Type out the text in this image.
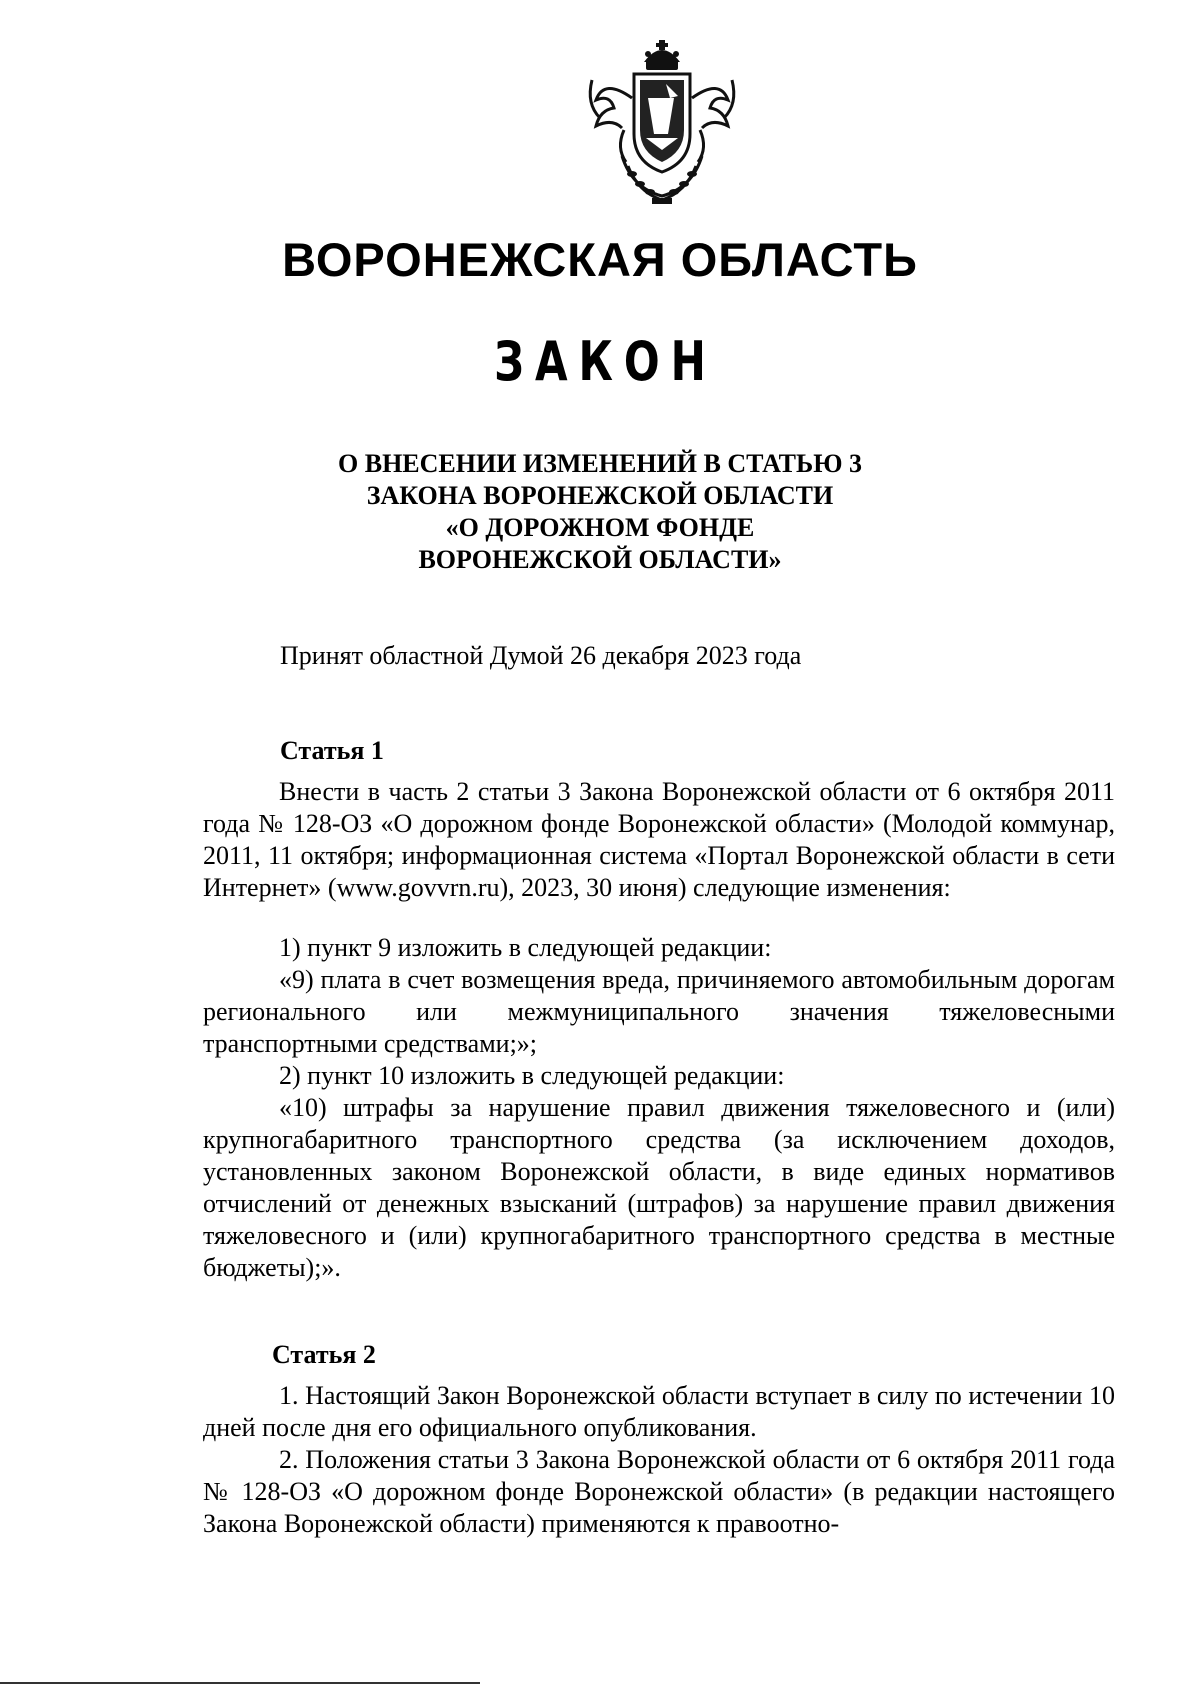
ВОРОНЕЖСКАЯ ОБЛАСТЬ
ЗАКОН
О ВНЕСЕНИИ ИЗМЕНЕНИЙ В СТАТЬЮ 3
ЗАКОНА ВОРОНЕЖСКОЙ ОБЛАСТИ
«О ДОРОЖНОМ ФОНДЕ
ВОРОНЕЖСКОЙ ОБЛАСТИ»
Принят областной Думой 26 декабря 2023 года
Статья 1

Внести в часть 2 статьи 3 Закона Воронежской области от 6 октября 2011 года № 128-ОЗ «О дорожном фонде Воронежской области» (Молодой коммунар, 2011, 11 октября; информационная система «Портал Воронежской области в сети Интернет» (www.govvrn.ru), 2023, 30 июня) следующие изменения:

1) пункт 9 изложить в следующей редакции:

«9) плата в счет возмещения вреда, причиняемого автомобильным дорогам регионального или межмуниципального значения тяжеловесными транспортными средствами;»;

2) пункт 10 изложить в следующей редакции:

«10) штрафы за нарушение правил движения тяжеловесного и (или) крупногабаритного транспортного средства (за исключением доходов, установленных законом Воронежской области, в виде единых нормативов отчислений от денежных взысканий (штрафов) за нарушение правил движения тяжеловесного и (или) крупногабаритного транспортного средства в местные бюджеты);».

Статья 2

1. Настоящий Закон Воронежской области вступает в силу по истечении 10 дней после дня его официального опубликования.

2. Положения статьи 3 Закона Воронежской области от 6 октября 2011 года № 128-ОЗ «О дорожном фонде Воронежской области» (в редакции настоящего Закона Воронежской области) применяются к правоотно-
